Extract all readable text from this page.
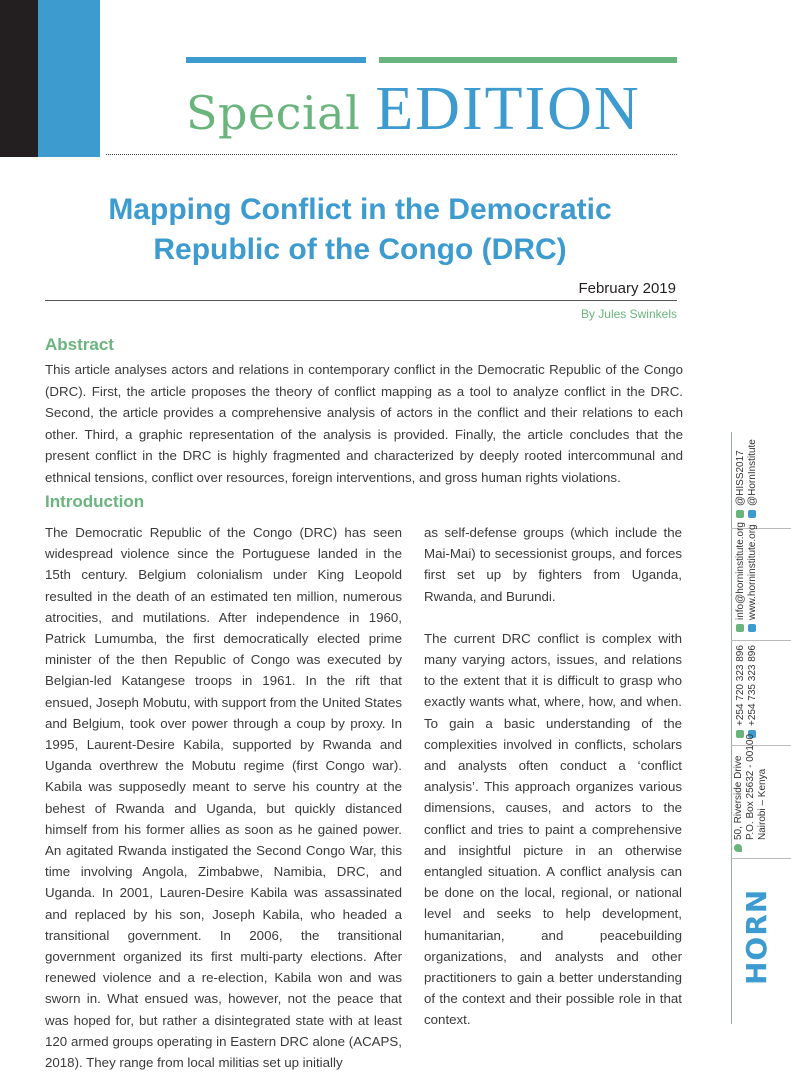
Special EDITION
Mapping Conflict in the Democratic
Republic of the Congo (DRC)
February 2019
By Jules Swinkels
Abstract
This article analyses actors and relations in contemporary conflict in the Democratic Republic of the Congo (DRC). First, the article proposes the theory of conflict mapping as a tool to analyze conflict in the DRC. Second, the article provides a comprehensive analysis of actors in the conflict and their relations to each other. Third, a graphic representation of the analysis is provided. Finally, the article concludes that the present conflict in the DRC is highly fragmented and characterized by deeply rooted intercommunal and ethnical tensions, conflict over resources, foreign interventions, and gross human rights violations.
Introduction
The Democratic Republic of the Congo (DRC) has seen widespread violence since the Portuguese landed in the 15th century. Belgium colonialism under King Leopold resulted in the death of an estimated ten million, numerous atrocities, and mutilations. After independence in 1960, Patrick Lumumba, the first democratically elected prime minister of the then Republic of Congo was executed by Belgian-led Katangese troops in 1961. In the rift that ensued, Joseph Mobutu, with support from the United States and Belgium, took over power through a coup by proxy. In 1995, Laurent-Desire Kabila, supported by Rwanda and Uganda overthrew the Mobutu regime (first Congo war). Kabila was supposedly meant to serve his country at the behest of Rwanda and Uganda, but quickly distanced himself from his former allies as soon as he gained power. An agitated Rwanda instigated the Second Congo War, this time involving Angola, Zimbabwe, Namibia, DRC, and Uganda. In 2001, Lauren-Desire Kabila was assassinated and replaced by his son, Joseph Kabila, who headed a transitional government. In 2006, the transitional government organized its first multi-party elections. After renewed violence and a re-election, Kabila won and was sworn in. What ensued was, however, not the peace that was hoped for, but rather a disintegrated state with at least 120 armed groups operating in Eastern DRC alone (ACAPS, 2018). They range from local militias set up initially

as self-defense groups (which include the Mai-Mai) to secessionist groups, and forces first set up by fighters from Uganda, Rwanda, and Burundi.

The current DRC conflict is complex with many varying actors, issues, and relations to the extent that it is difficult to grasp who exactly wants what, where, how, and when. To gain a basic understanding of the complexities involved in conflicts, scholars and analysts often conduct a ‘conflict analysis’. This approach organizes various dimensions, causes, and actors to the conflict and tries to paint a comprehensive and insightful picture in an otherwise entangled situation. A conflict analysis can be done on the local, regional, or national level and seeks to help development, humanitarian, and peacebuilding organizations, and analysts and other practitioners to gain a better understanding of the context and their possible role in that context.

@HISS2017 @HornInstitute
info@horninstitute.org www.horninstitute.org
+254 720 323 896 +254 735 323 896
50, Riverside Drive P.O. Box 25632 - 00100 Nairobi – Kenya
HORN
